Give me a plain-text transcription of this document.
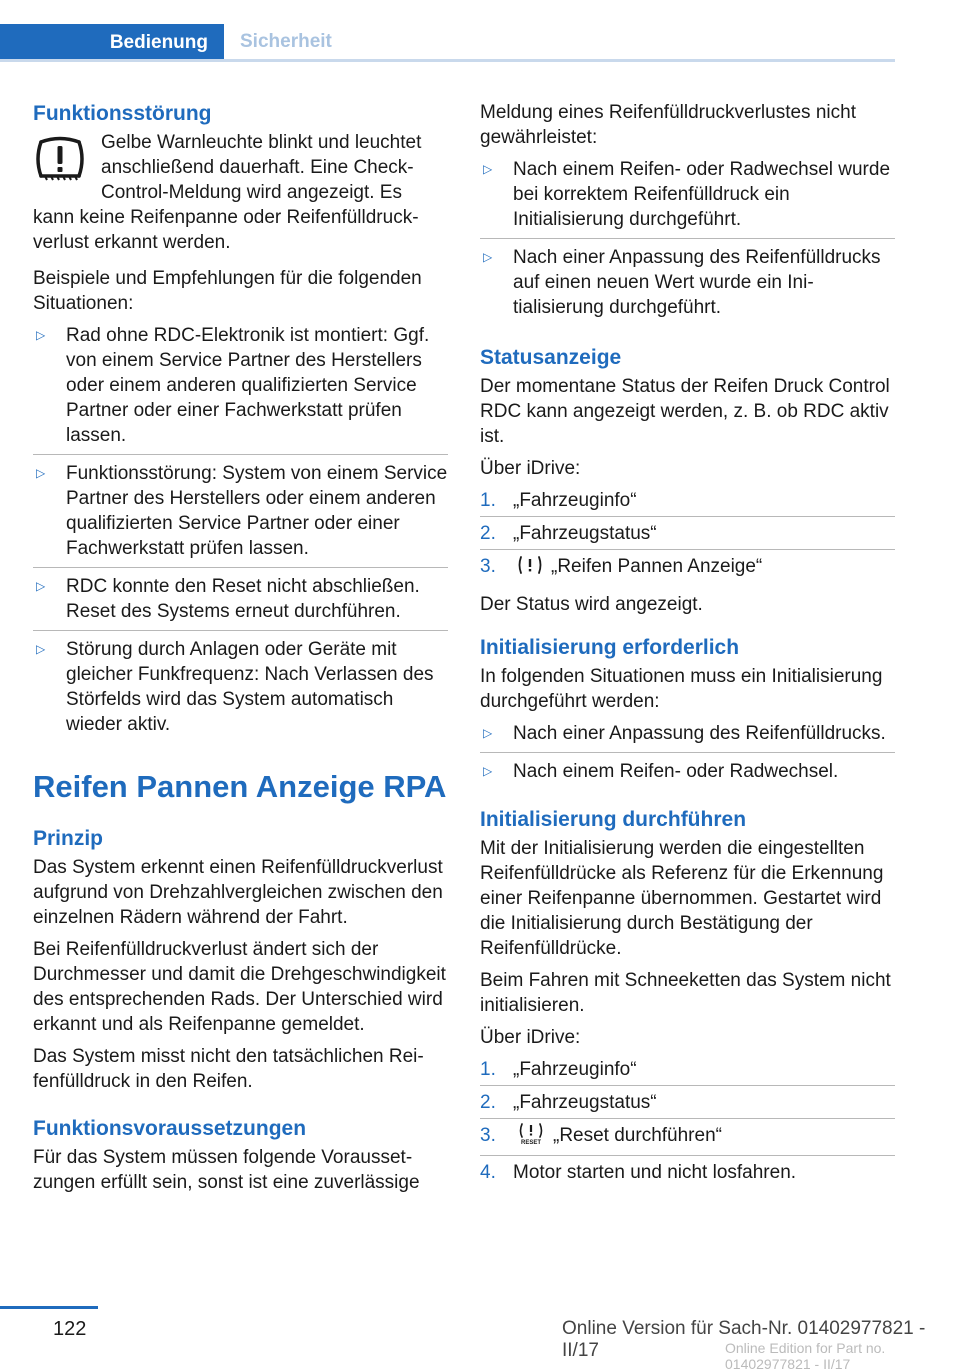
Bedienung Sicherheit
Funktionsstörung

Gelbe Warnleuchte blinkt und leuchtet anschließend dauerhaft. Eine Check-Control-Meldung wird angezeigt. Es kann keine Reifenpanne oder Reifenfülldruckverlust erkannt werden.

Beispiele und Empfehlungen für die folgenden Situationen:

▷ Rad ohne RDC-Elektronik ist montiert: Ggf. von einem Service Partner des Herstellers oder einem anderen qualifizierten Service Partner oder einer Fachwerkstatt prüfen lassen.
▷ Funktionsstörung: System von einem Service Partner des Herstellers oder einem anderen qualifizierten Service Partner oder einer Fachwerkstatt prüfen lassen.
▷ RDC konnte den Reset nicht abschließen. Reset des Systems erneut durchführen.
▷ Störung durch Anlagen oder Geräte mit gleicher Funkfrequenz: Nach Verlassen des Störfelds wird das System automatisch wieder aktiv.
Reifen Pannen Anzeige RPA
Prinzip

Das System erkennt einen Reifenfülldruckverlust aufgrund von Drehzahlvergleichen zwischen den einzelnen Rädern während der Fahrt.

Bei Reifenfülldruckverlust ändert sich der Durchmesser und damit die Drehgeschwindigkeit des entsprechenden Rads. Der Unterschied wird erkannt und als Reifenpanne gemeldet.

Das System misst nicht den tatsächlichen Reifenfülldruck in den Reifen.

Funktionsvoraussetzungen

Für das System müssen folgende Voraussetzungen erfüllt sein, sonst ist eine zuverlässige

Meldung eines Reifenfülldruckverlustes nicht gewährleistet:

▷ Nach einem Reifen- oder Radwechsel wurde bei korrektem Reifenfülldruck ein Initialisierung durchgeführt.
▷ Nach einer Anpassung des Reifenfülldrucks auf einen neuen Wert wurde ein Initialisierung durchgeführt.
Statusanzeige

Der momentane Status der Reifen Druck Control RDC kann angezeigt werden, z. B. ob RDC aktiv ist.

Über iDrive:

1. „Fahrzeuginfo“
2. „Fahrzeugstatus“
3.	„Reifen Pannen Anzeige“

Der Status wird angezeigt.

Initialisierung erforderlich

In folgenden Situationen muss ein Initialisierung durchgeführt werden:

▷ Nach einer Anpassung des Reifenfülldrucks.
▷ Nach einem Reifen- oder Radwechsel.
Initialisierung durchführen

Mit der Initialisierung werden die eingestellten Reifenfülldrücke als Referenz für die Erkennung einer Reifenpanne übernommen. Gestartet wird die Initialisierung durch Bestätigung der Reifenfülldrücke.

Beim Fahren mit Schneeketten das System nicht initialisieren.

Über iDrive:

1. „Fahrzeuginfo“
2. „Fahrzeugstatus“
3.	RESET „Reset durchführen“
4. Motor starten und nicht losfahren.
122	Online Version für Sach-Nr. 01402977821 - II/17	Online Edition for Part no. 01402977821 - II/17
